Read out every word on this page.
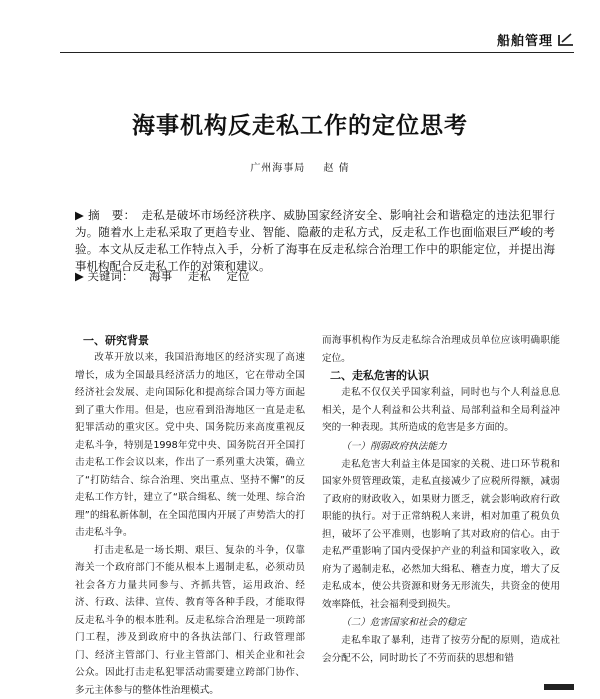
船舶管理
海事机构反走私工作的定位思考
广州海事局 赵 倩
▶ 摘　要： 走私是破坏市场经济秩序、威胁国家经济安全、影响社会和谐稳定的违法犯罪行为。随着水上走私采取了更趋专业、智能、隐蔽的走私方式，反走私工作也面临艰巨严峻的考验。本文从反走私工作特点入手，分析了海事在反走私综合治理工作中的职能定位，并提出海事机构配合反走私工作的对策和建议。
▶ 关键词： 海事 走私 定位

一、研究背景

改革开放以来，我国沿海地区的经济实现了高速增长，成为全国最具经济活力的地区，它在带动全国经济社会发展、走向国际化和提高综合国力等方面起到了重大作用。但是，也应看到沿海地区一直是走私犯罪活动的重灾区。党中央、国务院历来高度重视反走私斗争，特别是1998年党中央、国务院召开全国打击走私工作会议以来，作出了一系列重大决策，确立了“打防结合、综合治理、突出重点、坚持不懈”的反走私工作方针，建立了“联合缉私、统一处理、综合治理”的缉私新体制，在全国范围内开展了声势浩大的打击走私斗争。

打击走私是一场长期、艰巨、复杂的斗争，仅靠海关一个政府部门不能从根本上遏制走私，必须动员社会各方力量共同参与、齐抓共管，运用政治、经济、行政、法律、宣传、教育等各种手段，才能取得反走私斗争的根本胜利。反走私综合治理是一项跨部门工程，涉及到政府中的各执法部门、行政管理部门、经济主管部门、行业主管部门、相关企业和社会公众。因此打击走私犯罪活动需要建立跨部门协作、多元主体参与的整体性治理模式。

而海事机构作为反走私综合治理成员单位应该明确职能定位。

二、走私危害的认识

走私不仅仅关乎国家利益，同时也与个人利益息息相关，是个人利益和公共利益、局部利益和全局利益冲突的一种表现。其所造成的危害是多方面的。

（一）削弱政府执法能力

走私危害大利益主体是国家的关税、进口环节税和国家外贸管理政策，走私直接减少了应税所得额，减弱了政府的财政收入，如果财力匮乏，就会影响政府行政职能的执行。对于正常纳税人来讲，相对加重了税负负担，破坏了公平准则，也影响了其对政府的信心。由于走私严重影响了国内受保护产业的利益和国家收入，政府为了遏制走私，必然加大缉私、稽查力度，增大了反走私成本，使公共资源和财务无形流失，共资金的使用效率降低，社会福利受到损失。

（二）危害国家和社会的稳定

走私牟取了暴利，违背了按劳分配的原则，造成社会分配不公，同时助长了不劳而获的思想和错
